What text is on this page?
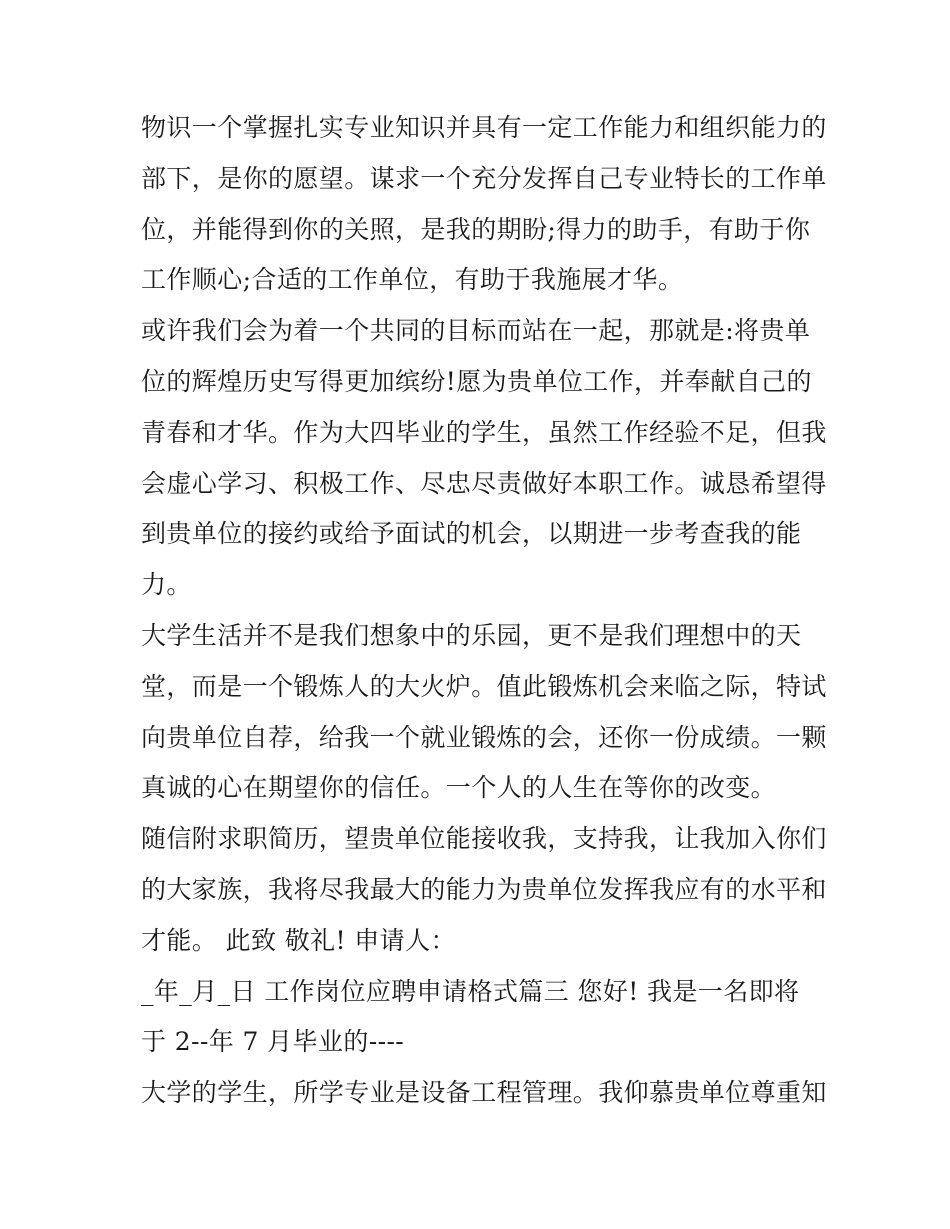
物识一个掌握扎实专业知识并具有一定工作能力和组织能力的
部下，是你的愿望。谋求一个充分发挥自己专业特长的工作单
位，并能得到你的关照，是我的期盼;得力的助手，有助于你
工作顺心;合适的工作单位，有助于我施展才华。
或许我们会为着一个共同的目标而站在一起，那就是:将贵单
位的辉煌历史写得更加缤纷!愿为贵单位工作，并奉献自己的
青春和才华。作为大四毕业的学生，虽然工作经验不足，但我
会虚心学习、积极工作、尽忠尽责做好本职工作。诚恳希望得
到贵单位的接约或给予面试的机会，以期进一步考查我的能
力。
大学生活并不是我们想象中的乐园，更不是我们理想中的天
堂，而是一个锻炼人的大火炉。值此锻炼机会来临之际，特试
向贵单位自荐，给我一个就业锻炼的会，还你一份成绩。一颗
真诚的心在期望你的信任。一个人的人生在等你的改变。
随信附求职简历，望贵单位能接收我，支持我，让我加入你们
的大家族，我将尽我最大的能力为贵单位发挥我应有的水平和
才能。 此致 敬礼! 申请人：
_年_月_日 工作岗位应聘申请格式篇三 您好! 我是一名即将
于 2--年 7 月毕业的----
大学的学生，所学专业是设备工程管理。我仰慕贵单位尊重知
